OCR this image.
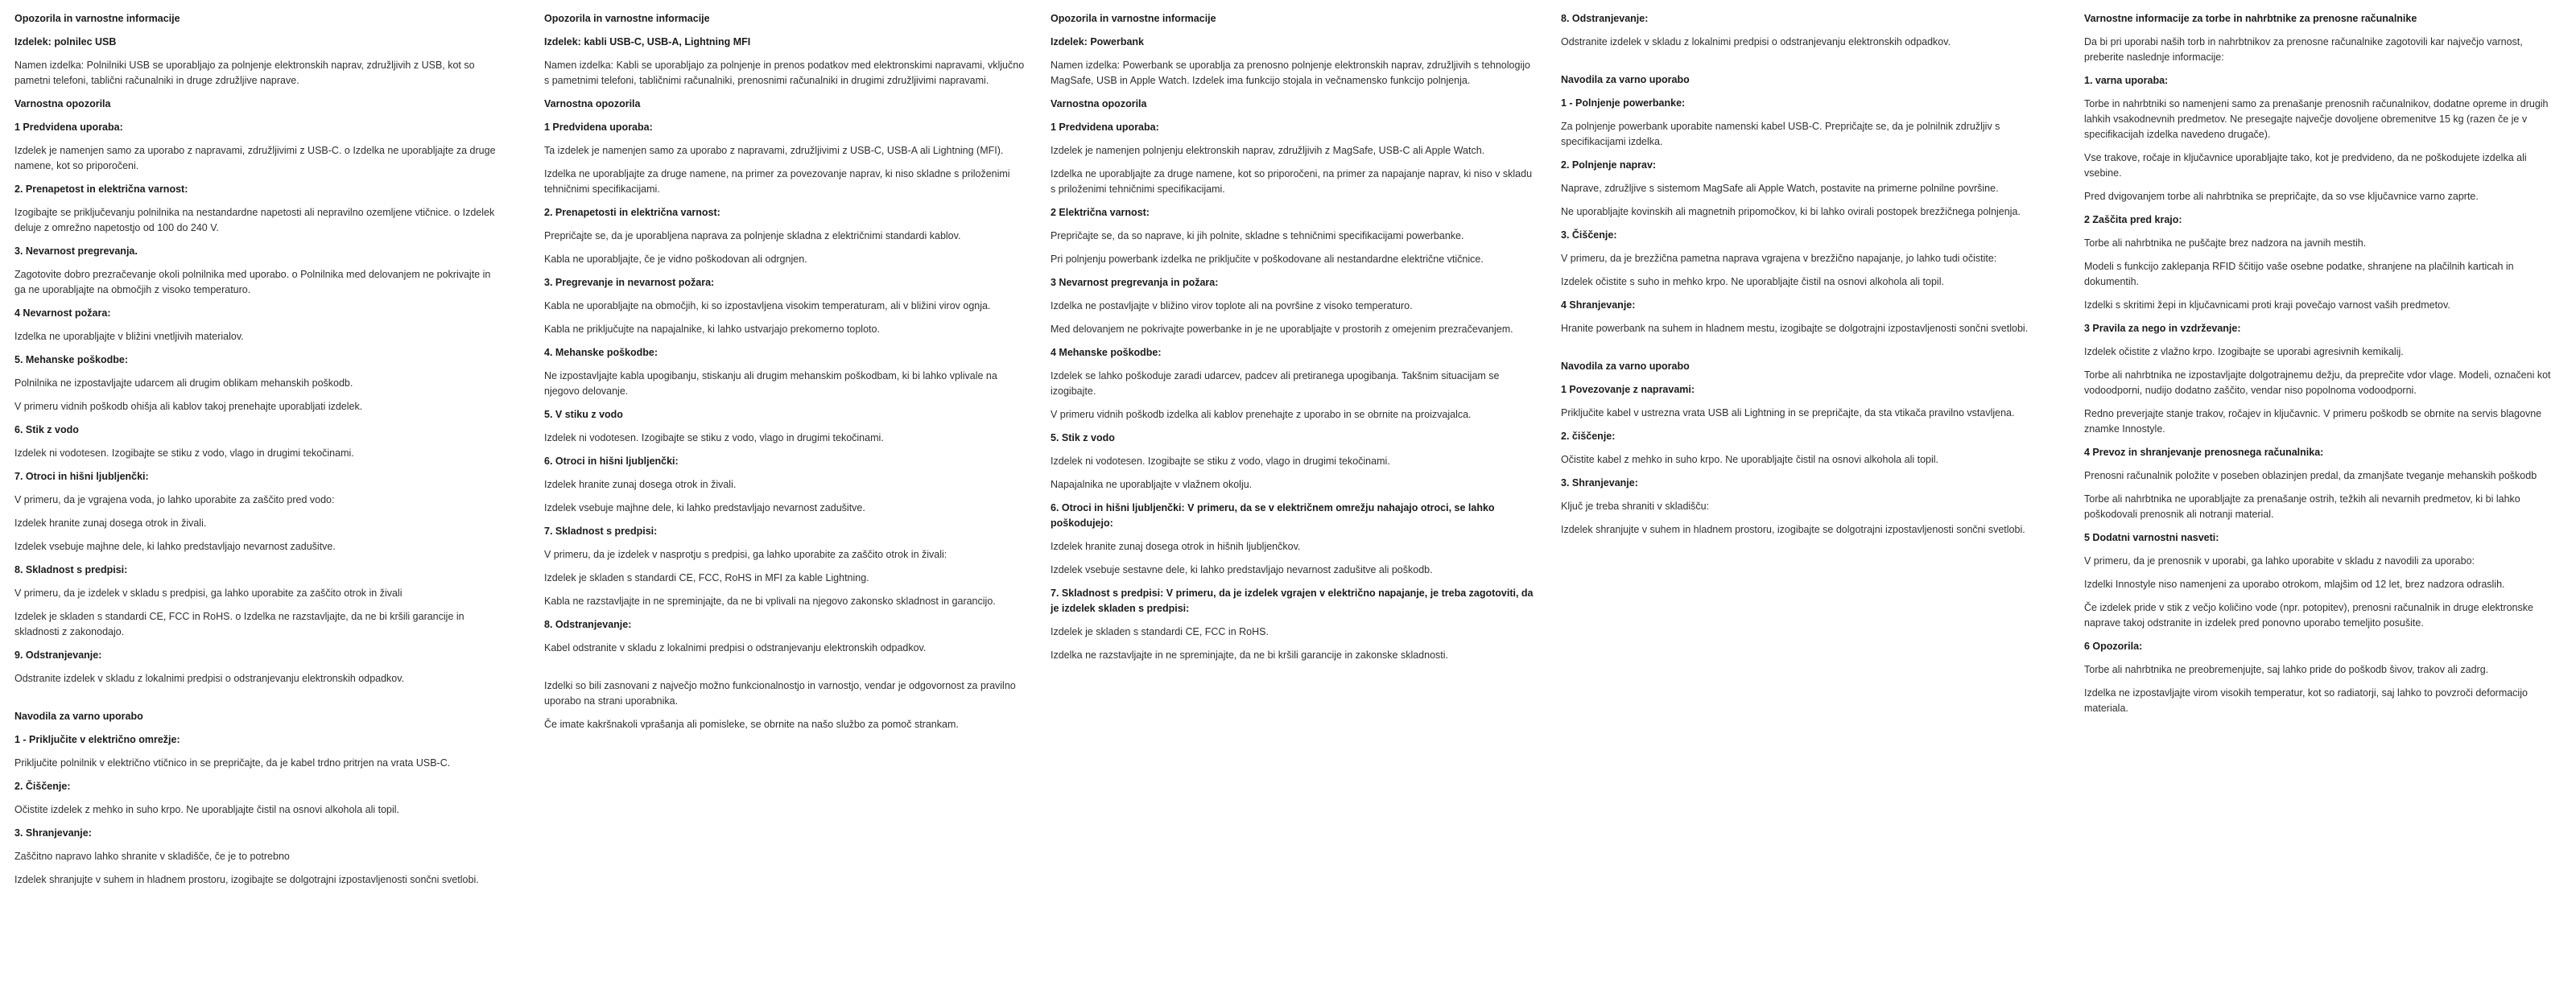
Opozorila in varnostne informacije

Izdelek: polnilec USB

Namen izdelka: Polnilniki USB se uporabljajo za polnjenje elektronskih naprav, združljivih z USB, kot so pametni telefoni, tablični računalniki in druge združljive naprave.

Varnostna opozorila

1 Predvidena uporaba:

Izdelek je namenjen samo za uporabo z napravami, združljivimi z USB-C. o Izdelka ne uporabljajte za druge namene, kot so priporočeni.

2. Prenapetost in električna varnost:

Izogibajte se priključevanju polnilnika na nestandardne napetosti ali nepravilno ozemljene vtičnice. o Izdelek deluje z omrežno napetostjo od 100 do 240 V.

3. Nevarnost pregrevanja.

Zagotovite dobro prezračevanje okoli polnilnika med uporabo. o Polnilnika med delovanjem ne pokrivajte in ga ne uporabljajte na območjih z visoko temperaturo.

4 Nevarnost požara:

Izdelka ne uporabljajte v bližini vnetljivih materialov.

5. Mehanske poškodbe:

Polnilnika ne izpostavljajte udarcem ali drugim oblikam mehanskih poškodb.

V primeru vidnih poškodb ohišja ali kablov takoj prenehajte uporabljati izdelek.

6. Stik z vodo

Izdelek ni vodotesen. Izogibajte se stiku z vodo, vlago in drugimi tekočinami.

7. Otroci in hišni ljubljenčki:

V primeru, da je vgrajena voda, jo lahko uporabite za zaščito pred vodo:

Izdelek hranite zunaj dosega otrok in živali.

Izdelek vsebuje majhne dele, ki lahko predstavljajo nevarnost zadušitve.

8. Skladnost s predpisi:

V primeru, da je izdelek v skladu s predpisi, ga lahko uporabite za zaščito otrok in živali

Izdelek je skladen s standardi CE, FCC in RoHS. o Izdelka ne razstavljajte, da ne bi kršili garancije in skladnosti z zakonodajo.

9. Odstranjevanje:

Odstranite izdelek v skladu z lokalnimi predpisi o odstranjevanju elektronskih odpadkov.

Navodila za varno uporabo

1 - Priključite v električno omrežje:

Priključite polnilnik v električno vtičnico in se prepričajte, da je kabel trdno pritrjen na vrata USB-C.

2. Čiščenje:

Očistite izdelek z mehko in suho krpo. Ne uporabljajte čistil na osnovi alkohola ali topil.

3. Shranjevanje:

Zaščitno napravo lahko shranite v skladišče, če je to potrebno

Izdelek shranjujte v suhem in hladnem prostoru, izogibajte se dolgotrajni izpostavljenosti sončni svetlobi.

Opozorila in varnostne informacije

Izdelek: kabli USB-C, USB-A, Lightning MFI

Namen izdelka: Kabli se uporabljajo za polnjenje in prenos podatkov med elektronskimi napravami, vključno s pametnimi telefoni, tabličnimi računalniki, prenosnimi računalniki in drugimi združljivimi napravami.

Varnostna opozorila

1 Predvidena uporaba:

Ta izdelek je namenjen samo za uporabo z napravami, združljivimi z USB-C, USB-A ali Lightning (MFI).

Izdelka ne uporabljajte za druge namene, na primer za povezovanje naprav, ki niso skladne s priloženimi tehničnimi specifikacijami.

2. Prenapetosti in električna varnost:

Prepričajte se, da je uporabljena naprava za polnjenje skladna z električnimi standardi kablov.

Kabla ne uporabljajte, če je vidno poškodovan ali odrgnjen.

3. Pregrevanje in nevarnost požara:

Kabla ne uporabljajte na območjih, ki so izpostavljena visokim temperaturam, ali v bližini virov ognja.

Kabla ne priključujte na napajalnike, ki lahko ustvarjajo prekomerno toploto.

4. Mehanske poškodbe:

Ne izpostavljajte kabla upogibanju, stiskanju ali drugim mehanskim poškodbam, ki bi lahko vplivale na njegovo delovanje.

5. V stiku z vodo

Izdelek ni vodotesen. Izogibajte se stiku z vodo, vlago in drugimi tekočinami.

6. Otroci in hišni ljubljenčki:

Izdelek hranite zunaj dosega otrok in živali.

Izdelek vsebuje majhne dele, ki lahko predstavljajo nevarnost zadušitve.

7. Skladnost s predpisi:

V primeru, da je izdelek v nasprotju s predpisi, ga lahko uporabite za zaščito otrok in živali:

Izdelek je skladen s standardi CE, FCC, RoHS in MFI za kable Lightning.

Kabla ne razstavljajte in ne spreminjajte, da ne bi vplivali na njegovo zakonsko skladnost in garancijo.

8. Odstranjevanje:

Kabel odstranite v skladu z lokalnimi predpisi o odstranjevanju elektronskih odpadkov.

Izdelki so bili zasnovani z največjo možno funkcionalnostjo in varnostjo, vendar je odgovornost za pravilno uporabo na strani uporabnika.

Če imate kakršnakoli vprašanja ali pomisleke, se obrnite na našo službo za pomoč strankam.

Opozorila in varnostne informacije

Izdelek: Powerbank

Namen izdelka: Powerbank se uporablja za prenosno polnjenje elektronskih naprav, združljivih s tehnologijo MagSafe, USB in Apple Watch. Izdelek ima funkcijo stojala in večnamensko funkcijo polnjenja.

Varnostna opozorila

1 Predvidena uporaba:

Izdelek je namenjen polnjenju elektronskih naprav, združljivih z MagSafe, USB-C ali Apple Watch.

Izdelka ne uporabljajte za druge namene, kot so priporočeni, na primer za napajanje naprav, ki niso v skladu s priloženimi tehničnimi specifikacijami.

2 Električna varnost:

Prepričajte se, da so naprave, ki jih polnite, skladne s tehničnimi specifikacijami powerbanke.

Pri polnjenju powerbank izdelka ne priključite v poškodovane ali nestandardne električne vtičnice.

3 Nevarnost pregrevanja in požara:

Izdelka ne postavljajte v bližino virov toplote ali na površine z visoko temperaturo.

Med delovanjem ne pokrivajte powerbanke in je ne uporabljajte v prostorih z omejenim prezračevanjem.

4 Mehanske poškodbe:

Izdelek se lahko poškoduje zaradi udarcev, padcev ali pretiranega upogibanja. Takšnim situacijam se izogibajte.

V primeru vidnih poškodb izdelka ali kablov prenehajte z uporabo in se obrnite na proizvajalca.

5. Stik z vodo

Izdelek ni vodotesen. Izogibajte se stiku z vodo, vlago in drugimi tekočinami.

Napajalnika ne uporabljajte v vlažnem okolju.

6. Otroci in hišni ljubljenčki: V primeru, da se v električnem omrežju nahajajo otroci, se lahko poškodujejo:

Izdelek hranite zunaj dosega otrok in hišnih ljubljenčkov.

Izdelek vsebuje sestavne dele, ki lahko predstavljajo nevarnost zadušitve ali poškodb.

7. Skladnost s predpisi: V primeru, da je izdelek vgrajen v električno napajanje, je treba zagotoviti, da je izdelek skladen s predpisi:

Izdelek je skladen s standardi CE, FCC in RoHS.

Izdelka ne razstavljajte in ne spreminjajte, da ne bi kršili garancije in zakonske skladnosti.

8. Odstranjevanje:

Odstranite izdelek v skladu z lokalnimi predpisi o odstranjevanju elektronskih odpadkov.

Navodila za varno uporabo

1 - Polnjenje powerbanke:

Za polnjenje powerbank uporabite namenski kabel USB-C. Prepričajte se, da je polnilnik združljiv s specifikacijami izdelka.

2. Polnjenje naprav:

Naprave, združljive s sistemom MagSafe ali Apple Watch, postavite na primerne polnilne površine.

Ne uporabljajte kovinskih ali magnetnih pripomočkov, ki bi lahko ovirali postopek brezžičnega polnjenja.

3. Čiščenje:

V primeru, da je brezžična pametna naprava vgrajena v brezžično napajanje, jo lahko tudi očistite:

Izdelek očistite s suho in mehko krpo. Ne uporabljajte čistil na osnovi alkohola ali topil.

4 Shranjevanje:

Hranite powerbank na suhem in hladnem mestu, izogibajte se dolgotrajni izpostavljenosti sončni svetlobi.

Navodila za varno uporabo

1 Povezovanje z napravami:

Priključite kabel v ustrezna vrata USB ali Lightning in se prepričajte, da sta vtikača pravilno vstavljena.

2. čiščenje:

Očistite kabel z mehko in suho krpo. Ne uporabljajte čistil na osnovi alkohola ali topil.

3. Shranjevanje:

Ključ je treba shraniti v skladišču:

Izdelek shranjujte v suhem in hladnem prostoru, izogibajte se dolgotrajni izpostavljenosti sončni svetlobi.

Varnostne informacije za torbe in nahrbtnike za prenosne računalnike

Da bi pri uporabi naših torb in nahrbtnikov za prenosne računalnike zagotovili kar največjo varnost, preberite naslednje informacije:

1. varna uporaba:

Torbe in nahrbtniki so namenjeni samo za prenašanje prenosnih računalnikov, dodatne opreme in drugih lahkih vsakodnevnih predmetov. Ne presegajte največje dovoljene obremenitve 15 kg (razen če je v specifikacijah izdelka navedeno drugače).

Vse trakove, ročaje in ključavnice uporabljajte tako, kot je predvideno, da ne poškodujete izdelka ali vsebine.

Pred dvigovanjem torbe ali nahrbtnika se prepričajte, da so vse ključavnice varno zaprte.

2 Zaščita pred krajo:

Torbe ali nahrbtnika ne puščajte brez nadzora na javnih mestih.

Modeli s funkcijo zaklepanja RFID ščitijo vaše osebne podatke, shranjene na plačilnih karticah in dokumentih.

Izdelki s skritimi žepi in ključavnicami proti kraji povečajo varnost vaših predmetov.

3 Pravila za nego in vzdrževanje:

Izdelek očistite z vlažno krpo. Izogibajte se uporabi agresivnih kemikalij.

Torbe ali nahrbtnika ne izpostavljajte dolgotrajnemu dežju, da preprečite vdor vlage. Modeli, označeni kot vodoodporni, nudijo dodatno zaščito, vendar niso popolnoma vodoodporni.

Redno preverjajte stanje trakov, ročajev in ključavnic. V primeru poškodb se obrnite na servis blagovne znamke Innostyle.

4 Prevoz in shranjevanje prenosnega računalnika:

Prenosni računalnik položite v poseben oblazinjen predal, da zmanjšate tveganje mehanskih poškodb

Torbe ali nahrbtnika ne uporabljajte za prenašanje ostrih, težkih ali nevarnih predmetov, ki bi lahko poškodovali prenosnik ali notranji material.

5 Dodatni varnostni nasveti:

V primeru, da je prenosnik v uporabi, ga lahko uporabite v skladu z navodili za uporabo:

Izdelki Innostyle niso namenjeni za uporabo otrokom, mlajšim od 12 let, brez nadzora odraslih.

Če izdelek pride v stik z večjo količino vode (npr. potopitev), prenosni računalnik in druge elektronske naprave takoj odstranite in izdelek pred ponovno uporabo temeljito posušite.

6 Opozorila:

Torbe ali nahrbtnika ne preobremenjujte, saj lahko pride do poškodb šivov, trakov ali zadrg.

Izdelka ne izpostavljajte virom visokih temperatur, kot so radiatorji, saj lahko to povzroči deformacijo materiala.
